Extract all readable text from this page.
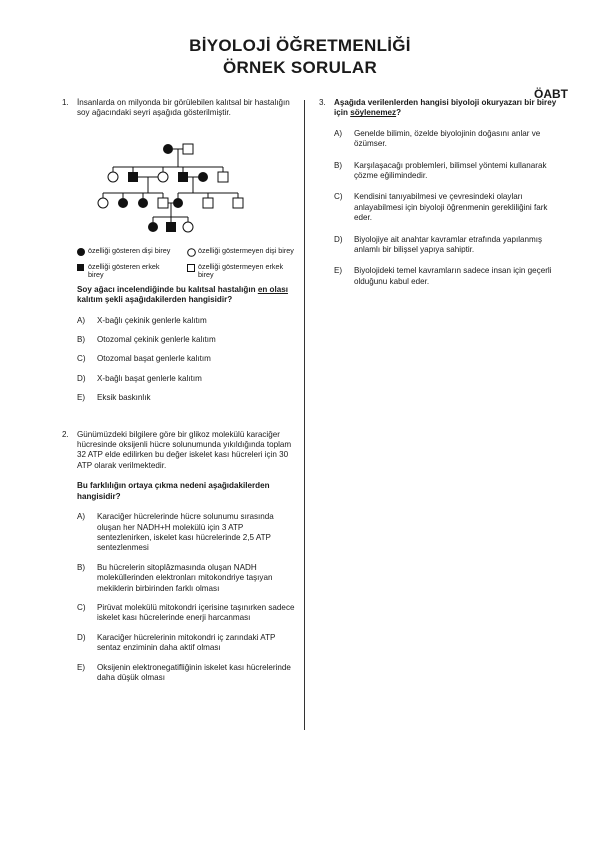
BİYOLOJİ ÖĞRETMENLİĞİ
ÖRNEK SORULAR
ÖABT
1. İnsanlarda on milyonda bir görülebilen kalıtsal bir hastalığın soy ağacındaki seyri aşağıda gösterilmiştir.
özelliği gösteren dişi birey	özelliği göstermeyen dişi birey
özelliği gösteren erkek birey
özelliği göstermeyen erkek birey
Soy ağacı incelendiğinde bu kalıtsal hastalığın en olası kalıtım şekli aşağıdakilerden hangisidir?
A) X-bağlı çekinik genlerle kalıtım
B) Otozomal çekinik genlerle kalıtım
C) Otozomal başat genlerle kalıtım
D) X-bağlı başat genlerle kalıtım
E) Eksik baskınlık
2. Günümüzdeki bilgilere göre bir glikoz molekülü karaciğer hücresinde oksijenli hücre solunumunda yıkıldığında toplam 32 ATP elde edilirken bu değer iskelet kası hücreleri için 30 ATP olarak verilmektedir.
Bu farklılığın ortaya çıkma nedeni aşağıdakilerden hangisidir?
A) Karaciğer hücrelerinde hücre solunumu sırasında oluşan her NADH+H molekülü için 3 ATP sentezlenirken, iskelet kası hücrelerinde 2,5 ATP sentezlenmesi
B) Bu hücrelerin sitoplâzmasında oluşan NADH moleküllerinden elektronları mitokondriye taşıyan mekiklerin birbirinden farklı olması
C) Pirüvat molekülü mitokondri içerisine taşınırken sadece iskelet kası hücrelerinde enerji harcanması
D) Karaciğer hücrelerinin mitokondri iç zarındaki ATP sentaz enziminin daha aktif olması
E) Oksijenin elektronegatifliğinin iskelet kası hücrelerinde daha düşük olması
3. Aşağıda verilenlerden hangisi biyoloji okuryazarı bir birey için söylenemez?
A) Genelde bilimin, özelde biyolojinin doğasını anlar ve özümser.
B) Karşılaşacağı problemleri, bilimsel yöntemi kullanarak çözme eğilimindedir.
C) Kendisini tanıyabilmesi ve çevresindeki olayları anlayabilmesi için biyoloji öğrenmenin gerekliliğini fark eder.
D) Biyolojiye ait anahtar kavramlar etrafında yapılanmış anlamlı bir bilişsel yapıya sahiptir.
E) Biyolojideki temel kavramların sadece insan için geçerli olduğunu kabul eder.
